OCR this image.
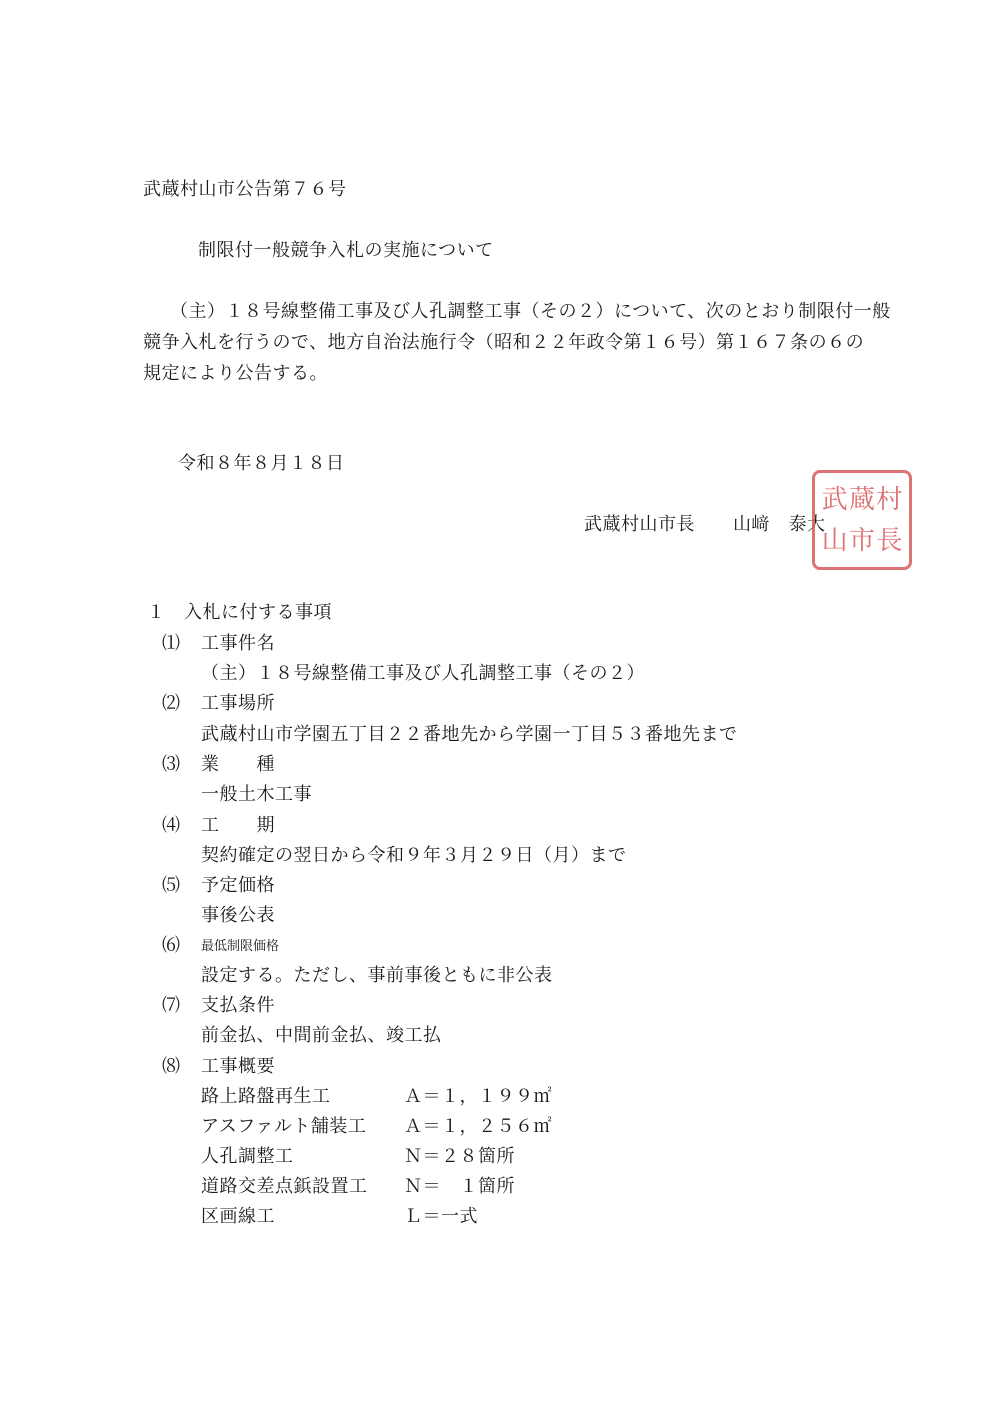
武蔵村山市公告第７６号
制限付一般競争入札の実施について
（主）１８号線整備工事及び人孔調整工事（その２）について、次のとおり制限付一般
競争入札を行うので、地方自治法施行令（昭和２２年政令第１６号）第１６７条の６の
規定により公告する。
令和８年８月１８日
武蔵村山市長 山﨑　泰大
武 蔵 村
山 市 長
１　入札に付する事項
⑴ 工事件名
（主）１８号線整備工事及び人孔調整工事（その２）
⑵ 工事場所
武蔵村山市学園五丁目２２番地先から学園一丁目５３番地先まで
⑶ 業　　種
一般土木工事
⑷ 工　　期
契約確定の翌日から令和９年３月２９日（月）まで
⑸ 予定価格
事後公表
⑹ 最低制限価格
設定する。ただし、事前事後ともに非公表
⑺ 支払条件
前金払、中間前金払、竣工払
⑻ 工事概要
路上路盤再生工	Ａ＝１，１９９㎡
アスファルト舗装工 Ａ＝１，２５６㎡
人孔調整工	Ｎ＝２８箇所
道路交差点鋲設置工 Ｎ＝　１箇所
区画線工	Ｌ＝一式
